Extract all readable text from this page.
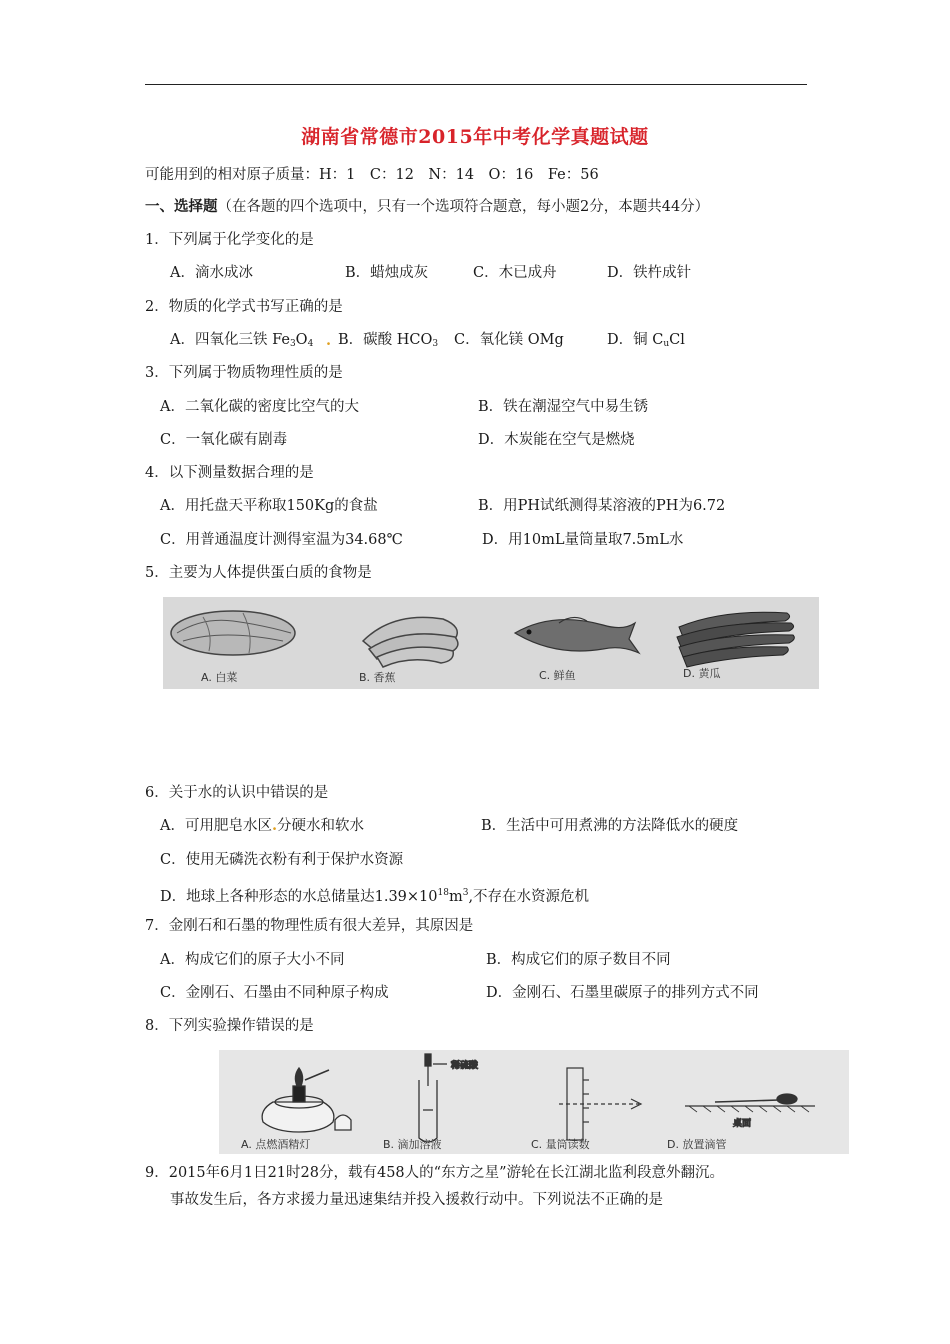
湖南省常德市2015年中考化学真题试题
可能用到的相对原子质量：H：1　C：12　N：14　O：16　Fe：56
一、选择题（在各题的四个选项中，只有一个选项符合题意，每小题2分，本题共44分）
1．下列属于化学变化的是
A．滴水成冰	B．蜡烛成灰	C．木已成舟	D．铁杵成针
2．物质的化学式书写正确的是
A．四氧化三铁 $Fe_3O_4$ . B．碳酸 $HCO_3$ C．氧化镁 OMg	D．铜 $C_uCl$
3．下列属于物质物理性质的是
A．二氧化碳的密度比空气的大	B．铁在潮湿空气中易生锈
C．一氧化碳有剧毒	D．木炭能在空气是燃烧
4．以下测量数据合理的是
A．用托盘天平称取150Kg的食盐	B．用PH试纸测得某溶液的PH为6.72
C．用普通温度计测得室温为34.68℃	D．用10mL量筒量取7.5mL水
5．主要为人体提供蛋白质的食物是
A. 白菜	B. 香蕉	C. 鲜鱼	D. 黄瓜
6．关于水的认识中错误的是
A．可用肥皂水区.分硬水和软水	B．生活中可用煮沸的方法降低水的硬度
C．使用无磷洗衣粉有利于保护水资源
D．地球上各种形态的水总储量达$1.39\times 10^{18}m^3$,不存在水资源危机
7．金刚石和石墨的物理性质有很大差异，其原因是
A．构成它们的原子大小不同	B．构成它们的原子数目不同
C．金刚石、石墨由不同种原子构成	D．金刚石、石墨里碳原子的排列方式不同
8．下列实验操作错误的是
稀硫酸
桌面
A. 点燃酒精灯	B. 滴加溶液	C. 量筒读数	D. 放置滴管
9．2015年6月1日21时28分，载有458人的“东方之星”游轮在长江湖北监利段意外翻沉。
事故发生后，各方求援力量迅速集结并投入援救行动中。下列说法不正确的是
